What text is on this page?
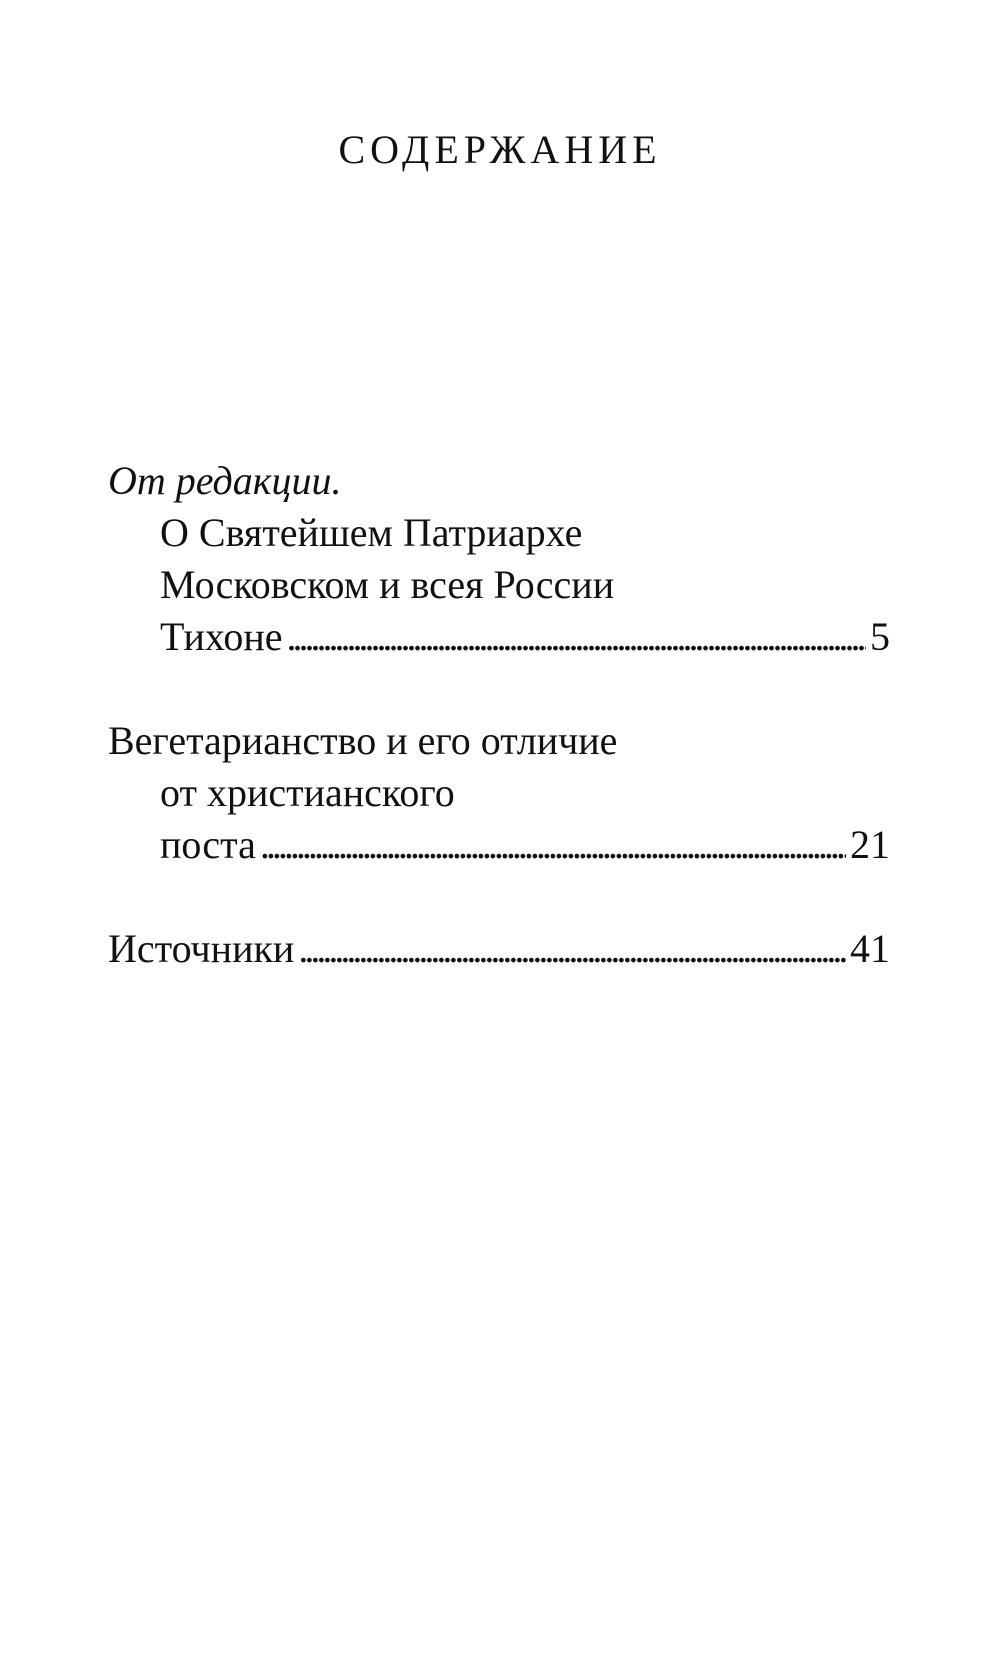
СОДЕРЖАНИЕ
От редакции.
О Святейшем Патриархе
Московском и всея России
Тихоне . . .	5
Вегетарианство и его отличие
от христианского
поста . . .	21
Источники . . .	41
